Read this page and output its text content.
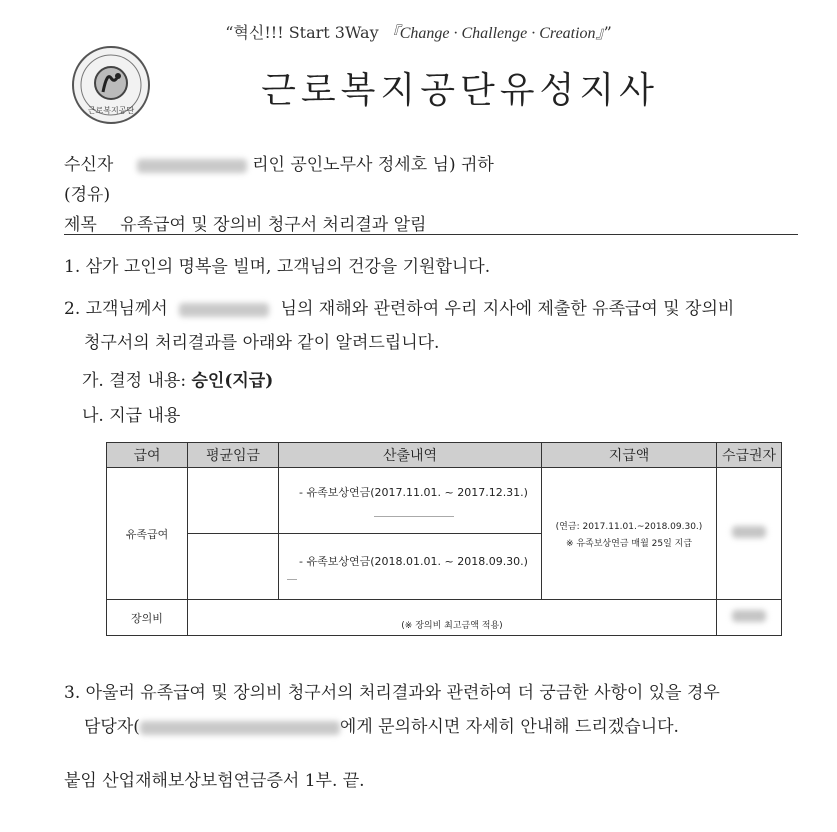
“혁신!!! Start 3Way 『Change · Challenge · Creation』”
근로복지공단	근로복지공단유성지사
수신자	리인 공인노무사 정세호 님) 귀하
(경유)
제목 유족급여 및 장의비 청구서 처리결과 알림
1. 삼가 고인의 명복을 빌며, 고객님의 건강을 기원합니다.
2. 고객님께서	님의 재해와 관련하여 우리 지사에 제출한 유족급여 및 장의비
청구서의 처리결과를 아래와 같이 알려드립니다.
가. 결정 내용: 승인(지급)
나. 지급 내용
급여	평균임금	산출내역	지급액	수급권자
유족급여		- 유족보상연금(2017.11.01. ~ 2017.12.31.)	(연금: 2017.11.01.~2018.09.30.)
※ 유족보상연금 매월 25일 지급	

		- 유족보상연금(2018.01.01. ~ 2018.09.30.)		

장의비	(※ 장의비 최고금액 적용)			
3. 아울러 유족급여 및 장의비 청구서의 처리결과와 관련하여 더 궁금한 사항이 있을 경우
담당자(	에게 문의하시면 자세히 안내해 드리겠습니다.
붙임 산업재해보상보험연금증서 1부. 끝.
